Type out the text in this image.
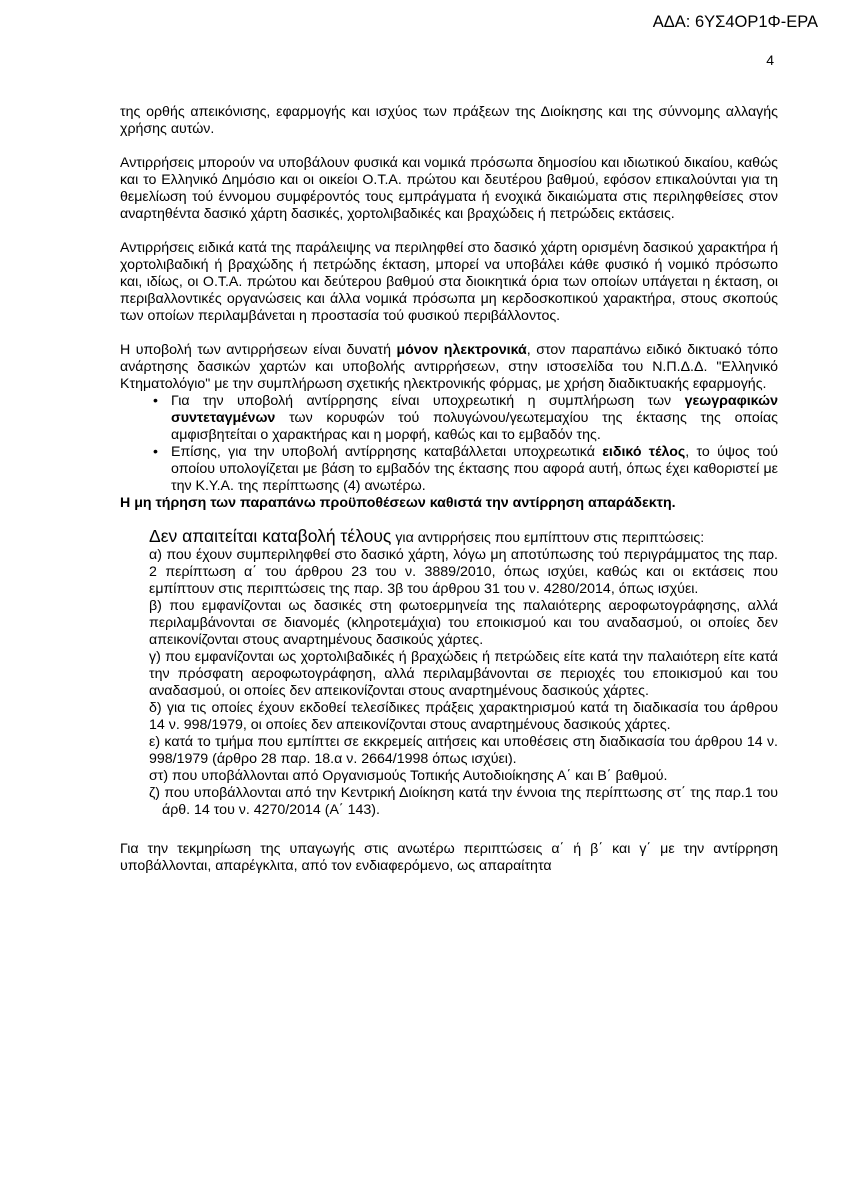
ΑΔΑ: 6ΥΣ4ΟΡ1Φ-ΕΡΑ
4

της ορθής απεικόνισης, εφαρμογής και ισχύος των πράξεων της Διοίκησης και της σύννομης αλλαγής χρήσης αυτών.

Αντιρρήσεις μπορούν να υποβάλουν φυσικά και νομικά πρόσωπα δημοσίου και ιδιωτικού δικαίου, καθώς και το Ελληνικό Δημόσιο και οι οικείοι Ο.Τ.Α. πρώτου και δευτέρου βαθμού, εφόσον επικαλούνται για τη θεμελίωση τού έννομου συμφέροντός τους εμπράγματα ή ενοχικά δικαιώματα στις περιληφθείσες στον αναρτηθέντα δασικό χάρτη δασικές, χορτολιβαδικές και βραχώδεις ή πετρώδεις εκτάσεις.

Αντιρρήσεις ειδικά κατά της παράλειψης να περιληφθεί στο δασικό χάρτη ορισμένη δασικού χαρακτήρα ή χορτολιβαδική ή βραχώδης ή πετρώδης έκταση, μπορεί να υποβάλει κάθε φυσικό ή νομικό πρόσωπο και, ιδίως, οι Ο.Τ.Α. πρώτου και δεύτερου βαθμού στα διοικητικά όρια των οποίων υπάγεται η έκταση, οι περιβαλλοντικές οργανώσεις και άλλα νομικά πρόσωπα μη κερδοσκοπικού χαρακτήρα, στους σκοπούς των οποίων περιλαμβάνεται η προστασία τού φυσικού περιβάλλοντος.

Η υποβολή των αντιρρήσεων είναι δυνατή μόνον ηλεκτρονικά, στον παραπάνω ειδικό δικτυακό τόπο ανάρτησης δασικών χαρτών και υποβολής αντιρρήσεων, στην ιστοσελίδα του Ν.Π.Δ.Δ. "Ελληνικό Κτηματολόγιο" με την συμπλήρωση σχετικής ηλεκτρονικής φόρμας, με χρήση διαδικτυακής εφαρμογής.

• Για την υποβολή αντίρρησης είναι υποχρεωτική η συμπλήρωση των γεωγραφικών συντεταγμένων των κορυφών τού πολυγώνου/γεωτεμαχίου της έκτασης της οποίας αμφισβητείται ο χαρακτήρας και η μορφή, καθώς και το εμβαδόν της.
• Επίσης, για την υποβολή αντίρρησης καταβάλλεται υποχρεωτικά ειδικό τέλος, το ύψος τού οποίου υπολογίζεται με βάση το εμβαδόν της έκτασης που αφορά αυτή, όπως έχει καθοριστεί με την Κ.Υ.Α. της περίπτωσης (4) ανωτέρω.

Η μη τήρηση των παραπάνω προϋποθέσεων καθιστά την αντίρρηση απαράδεκτη.

Δεν απαιτείται καταβολή τέλους για αντιρρήσεις που εμπίπτουν στις περιπτώσεις:

α) που έχουν συμπεριληφθεί στο δασικό χάρτη, λόγω μη αποτύπωσης τού περιγράμματος της παρ. 2 περίπτωση α΄ του άρθρου 23 του ν. 3889/2010, όπως ισχύει, καθώς και οι εκτάσεις που εμπίπτουν στις περιπτώσεις της παρ. 3β του άρθρου 31 του ν. 4280/2014, όπως ισχύει.

β) που εμφανίζονται ως δασικές στη φωτοερμηνεία της παλαιότερης αεροφωτογράφησης, αλλά περιλαμβάνονται σε διανομές (κληροτεμάχια) του εποικισμού και του αναδασμού, οι οποίες δεν απεικονίζονται στους αναρτημένους δασικούς χάρτες.

γ) που εμφανίζονται ως χορτολιβαδικές ή βραχώδεις ή πετρώδεις είτε κατά την παλαιότερη είτε κατά την πρόσφατη αεροφωτογράφηση, αλλά περιλαμβάνονται σε περιοχές του εποικισμού και του αναδασμού, οι οποίες δεν απεικονίζονται στους αναρτημένους δασικούς χάρτες.

δ) για τις οποίες έχουν εκδοθεί τελεσίδικες πράξεις χαρακτηρισμού κατά τη διαδικασία του άρθρου 14 ν. 998/1979, οι οποίες δεν απεικονίζονται στους αναρτημένους δασικούς χάρτες.

ε) κατά το τμήμα που εμπίπτει σε εκκρεμείς αιτήσεις και υποθέσεις στη διαδικασία του άρθρου 14 ν. 998/1979 (άρθρο 28 παρ. 18.α ν. 2664/1998 όπως ισχύει).

στ) που υποβάλλονται από Οργανισμούς Τοπικής Αυτοδιοίκησης Α΄ και Β΄ βαθμού.

ζ) που υποβάλλονται από την Κεντρική Διοίκηση κατά την έννοια της περίπτωσης στ΄ της παρ.1 του άρθ. 14 του ν. 4270/2014 (Α΄ 143).

Για την τεκμηρίωση της υπαγωγής στις ανωτέρω περιπτώσεις α΄ ή β΄ και γ΄ με την αντίρρηση υποβάλλονται, απαρέγκλιτα, από τον ενδιαφερόμενο, ως απαραίτητα
